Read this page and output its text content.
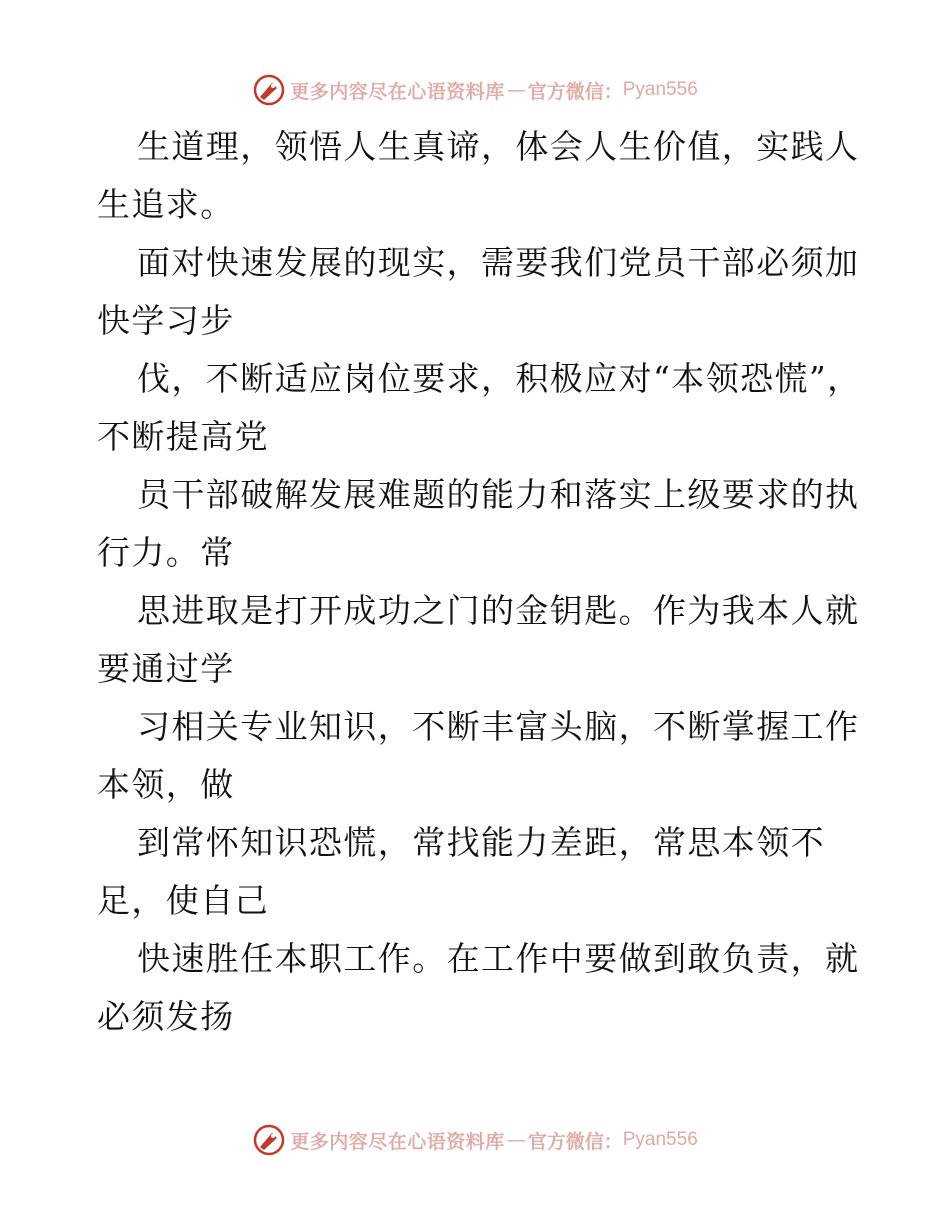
更多内容尽在心语资料库 — 官方微信： Pyan556

生道理，领悟人生真谛，体会人生价值，实践人生追求。

面对快速发展的现实，需要我们党员干部必须加快学习步

伐，不断适应岗位要求，积极应对“本领恐慌”，不断提高党

员干部破解发展难题的能力和落实上级要求的执行力。常

思进取是打开成功之门的金钥匙。作为我本人就要通过学

习相关专业知识，不断丰富头脑，不断掌握工作本领，做

到常怀知识恐慌，常找能力差距，常思本领不足，使自己

快速胜任本职工作。在工作中要做到敢负责，就必须发扬

更多内容尽在心语资料库 — 官方微信： Pyan556
